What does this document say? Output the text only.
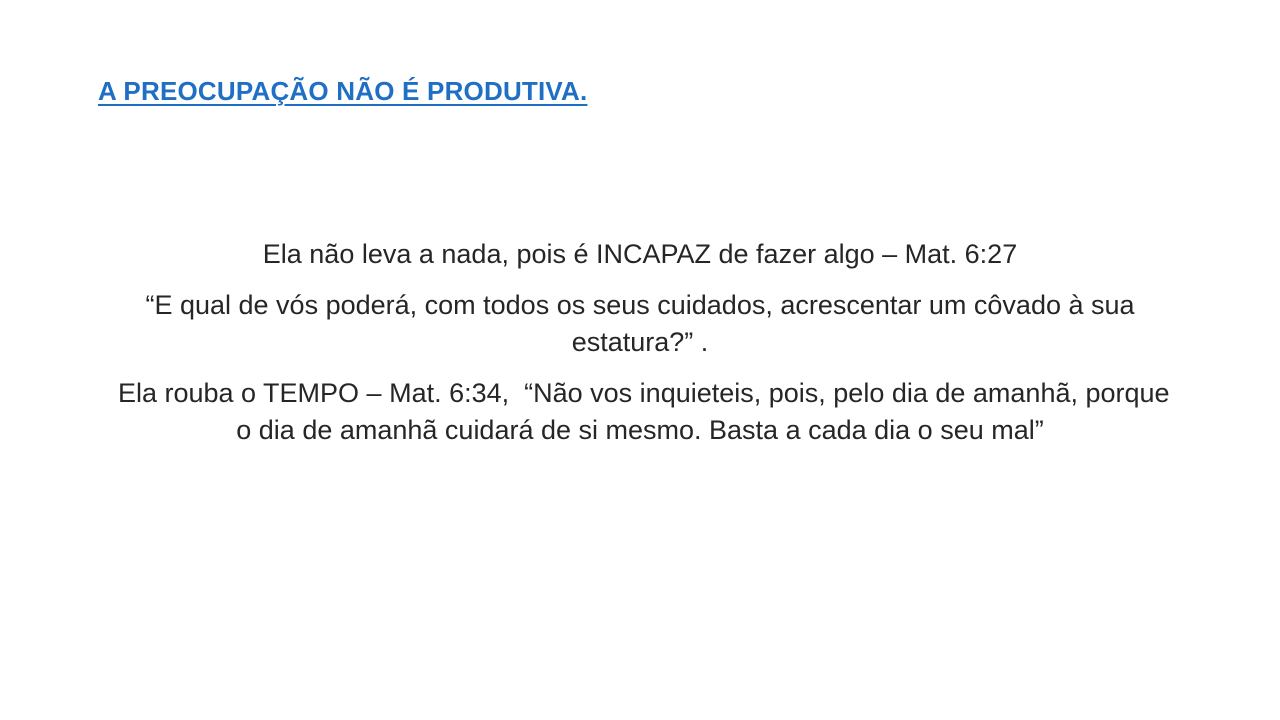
A PREOCUPAÇÃO NÃO É PRODUTIVA.

Ela não leva a nada, pois é INCAPAZ de fazer algo – Mat. 6:27

“E qual de vós poderá, com todos os seus cuidados, acrescentar um côvado à sua estatura?” .

Ela rouba o TEMPO – Mat. 6:34,  “Não vos inquieteis, pois, pelo dia de amanhã, porque o dia de amanhã cuidará de si mesmo. Basta a cada dia o seu mal”
